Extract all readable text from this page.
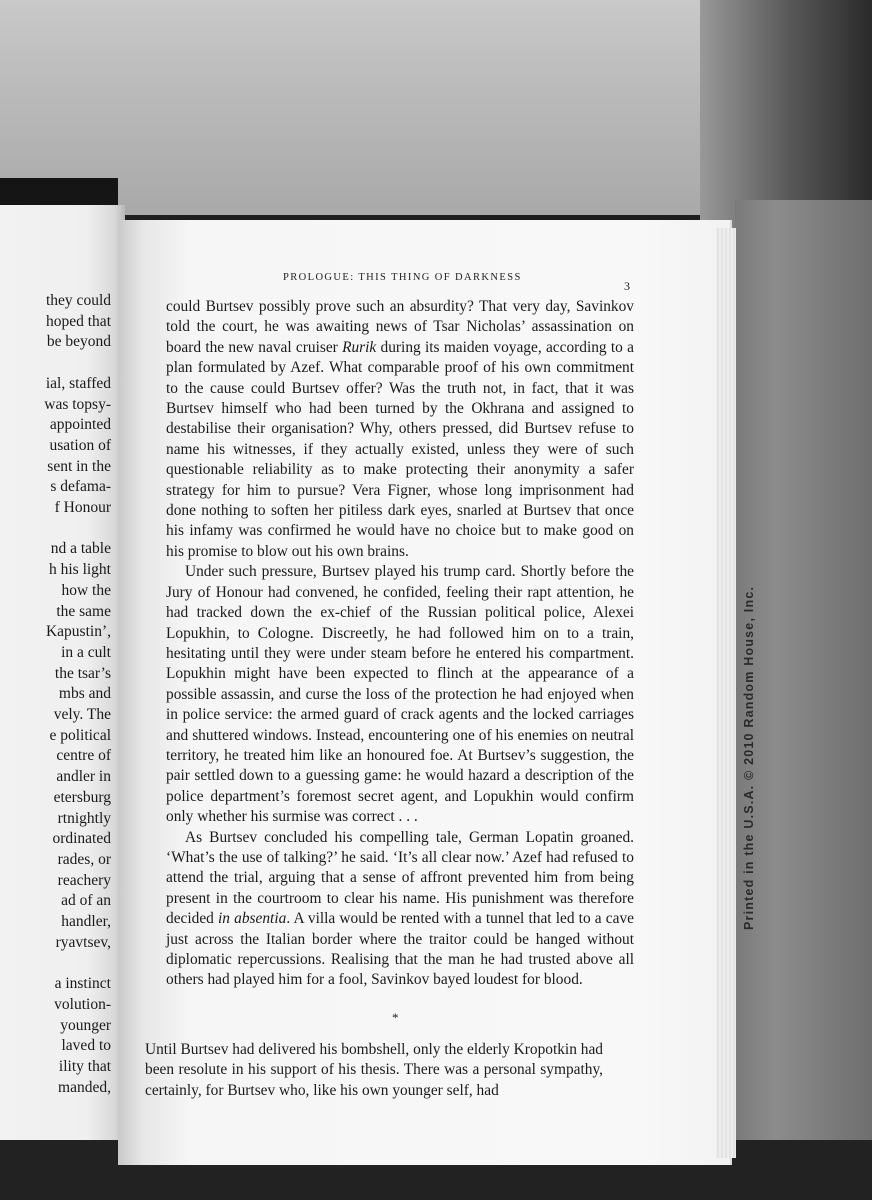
they could
hoped that
be beyond
ial, staffed
was topsy-
appointed
usation of
sent in the
s defama-
f Honour
nd a table
h his light
how the
the same
Kapustin’,
in a cult
the tsar’s
mbs and
vely. The
e political
centre of
andler in
etersburg
rtnightly
ordinated
rades, or
reachery
ad of an
handler,
ryavtsev,
a instinct
volution-
younger
laved to
ility that
manded,
PROLOGUE: THIS THING OF DARKNESS
3

could Burtsev possibly prove such an absurdity? That very day, Savinkov told the court, he was awaiting news of Tsar Nicholas’ assassination on board the new naval cruiser Rurik during its maiden voyage, according to a plan formulated by Azef. What comparable proof of his own commitment to the cause could Burtsev offer? Was the truth not, in fact, that it was Burtsev himself who had been turned by the Okhrana and assigned to destabilise their organisation? Why, others pressed, did Burtsev refuse to name his witnesses, if they actually existed, unless they were of such questionable reliability as to make protecting their anonymity a safer strategy for him to pursue? Vera Figner, whose long imprisonment had done nothing to soften her pitiless dark eyes, snarled at Burtsev that once his infamy was confirmed he would have no choice but to make good on his promise to blow out his own brains.

Under such pressure, Burtsev played his trump card. Shortly before the Jury of Honour had convened, he confided, feeling their rapt attention, he had tracked down the ex-chief of the Russian political police, Alexei Lopukhin, to Cologne. Discreetly, he had followed him on to a train, hesitating until they were under steam before he entered his compartment. Lopukhin might have been expected to flinch at the appearance of a possible assassin, and curse the loss of the protection he had enjoyed when in police service: the armed guard of crack agents and the locked carriages and shuttered windows. Instead, encountering one of his enemies on neutral territory, he treated him like an honoured foe. At Burtsev’s suggestion, the pair settled down to a guessing game: he would hazard a description of the police department’s foremost secret agent, and Lopukhin would confirm only whether his surmise was correct . . .

As Burtsev concluded his compelling tale, German Lopatin groaned. ‘What’s the use of talking?’ he said. ‘It’s all clear now.’ Azef had refused to attend the trial, arguing that a sense of affront prevented him from being present in the courtroom to clear his name. His punishment was therefore decided in absentia. A villa would be rented with a tunnel that led to a cave just across the Italian border where the traitor could be hanged without diplomatic repercussions. Realising that the man he had trusted above all others had played him for a fool, Savinkov bayed loudest for blood.

*

Until Burtsev had delivered his bombshell, only the elderly Kropotkin had been resolute in his support of his thesis. There was a personal sympathy, certainly, for Burtsev who, like his own younger self, had

Printed in the U.S.A. © 2010 Random House, Inc.
